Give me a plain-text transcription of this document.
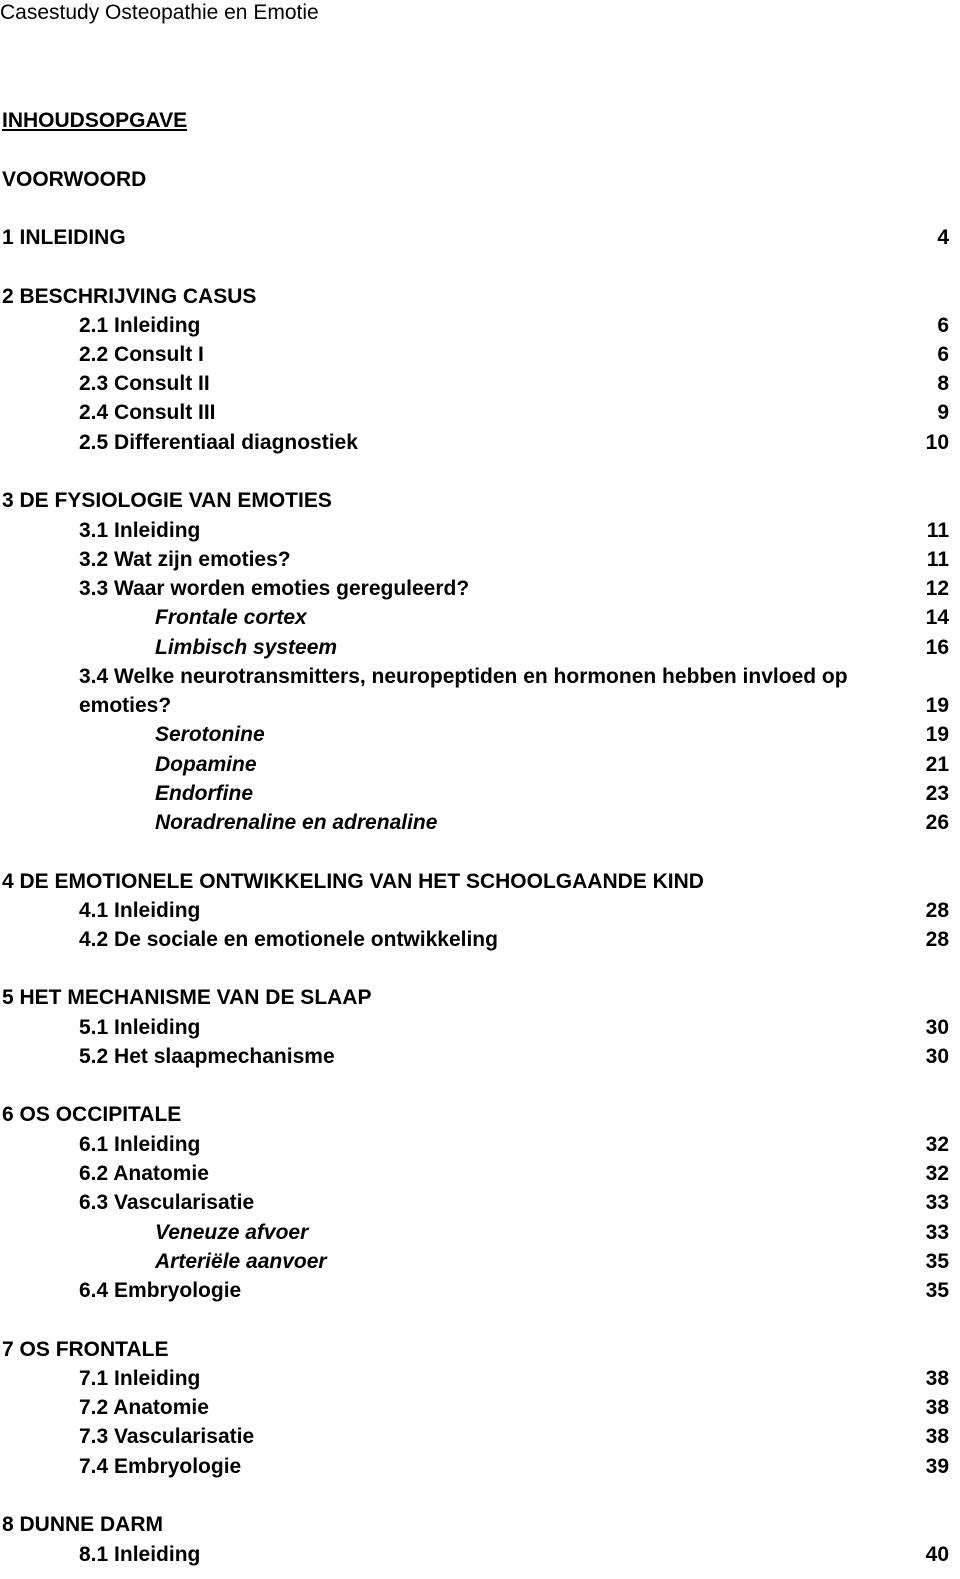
Casestudy Osteopathie en Emotie
INHOUDSOPGAVE
VOORWOORD
1 INLEIDING	4
2 BESCHRIJVING CASUS
2.1 Inleiding	6
2.2 Consult I	6
2.3 Consult II	8
2.4 Consult III	9
2.5 Differentiaal diagnostiek	10
3 DE FYSIOLOGIE VAN EMOTIES
3.1 Inleiding	11
3.2 Wat zijn emoties?	11
3.3 Waar worden emoties gereguleerd?	12
Frontale cortex	14
Limbisch systeem	16
3.4 Welke neurotransmitters, neuropeptiden en hormonen hebben invloed op
emoties?	19
Serotonine	19
Dopamine	21
Endorfine	23
Noradrenaline en adrenaline	26
4 DE EMOTIONELE ONTWIKKELING VAN HET SCHOOLGAANDE KIND
4.1 Inleiding	28
4.2 De sociale en emotionele ontwikkeling	28
5 HET MECHANISME VAN DE SLAAP
5.1 Inleiding	30
5.2 Het slaapmechanisme	30
6 OS OCCIPITALE
6.1 Inleiding	32
6.2 Anatomie	32
6.3 Vascularisatie	33
Veneuze afvoer	33
Arteriële aanvoer	35
6.4 Embryologie	35
7 OS FRONTALE
7.1 Inleiding	38
7.2 Anatomie	38
7.3 Vascularisatie	38
7.4 Embryologie	39
8 DUNNE DARM
8.1 Inleiding	40
